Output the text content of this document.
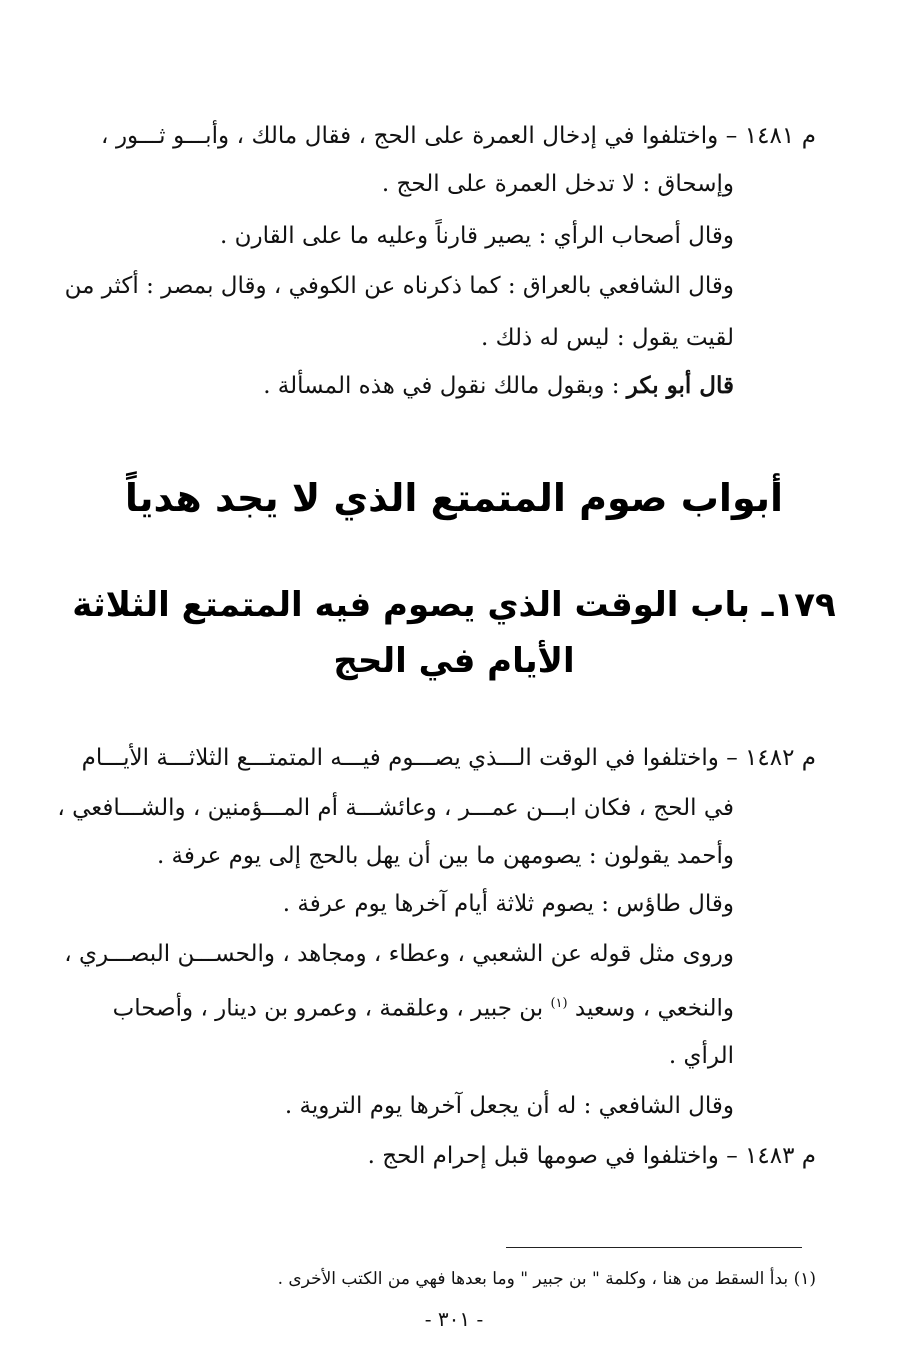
م ١٤٨١ – واختلفوا في إدخال العمرة على الحج ، فقال مالك ، وأبـــو ثـــور ،
وإسحاق : لا تدخل العمرة على الحج .
وقال أصحاب الرأي : يصير قارناً وعليه ما على القارن .
وقال الشافعي بالعراق : كما ذكرناه عن الكوفي ، وقال بمصر : أكثر من
لقيت يقول : ليس له ذلك .
قال أبو بكر : وبقول مالك نقول في هذه المسألة .
أبواب صوم المتمتع الذي لا يجد هدياً
١٧٩ـ باب الوقت الذي يصوم فيه المتمتع الثلاثة
الأيام في الحج
م ١٤٨٢ – واختلفوا في الوقت الـــذي يصـــوم فيـــه المتمتـــع الثلاثـــة الأيـــام
في الحج ، فكان ابـــن عمـــر ، وعائشـــة أم المـــؤمنين ، والشـــافعي ،
وأحمد يقولون : يصومهن ما بين أن يهل بالحج إلى يوم عرفة .
وقال طاؤس : يصوم ثلاثة أيام آخرها يوم عرفة .
وروى مثل قوله عن الشعبي ، وعطاء ، ومجاهد ، والحســـن البصـــري ،
والنخعي ، وسعيد $^{(١)}$ بن جبير ، وعلقمة ، وعمرو بن دينار ، وأصحاب
الرأي .
وقال الشافعي : له أن يجعل آخرها يوم التروية .
م ١٤٨٣ – واختلفوا في صومها قبل إحرام الحج .
(١) بدأ السقط من هنا ، وكلمة " بن جبير " وما بعدها فهي من الكتب الأخرى .
- ٣٠١ -
